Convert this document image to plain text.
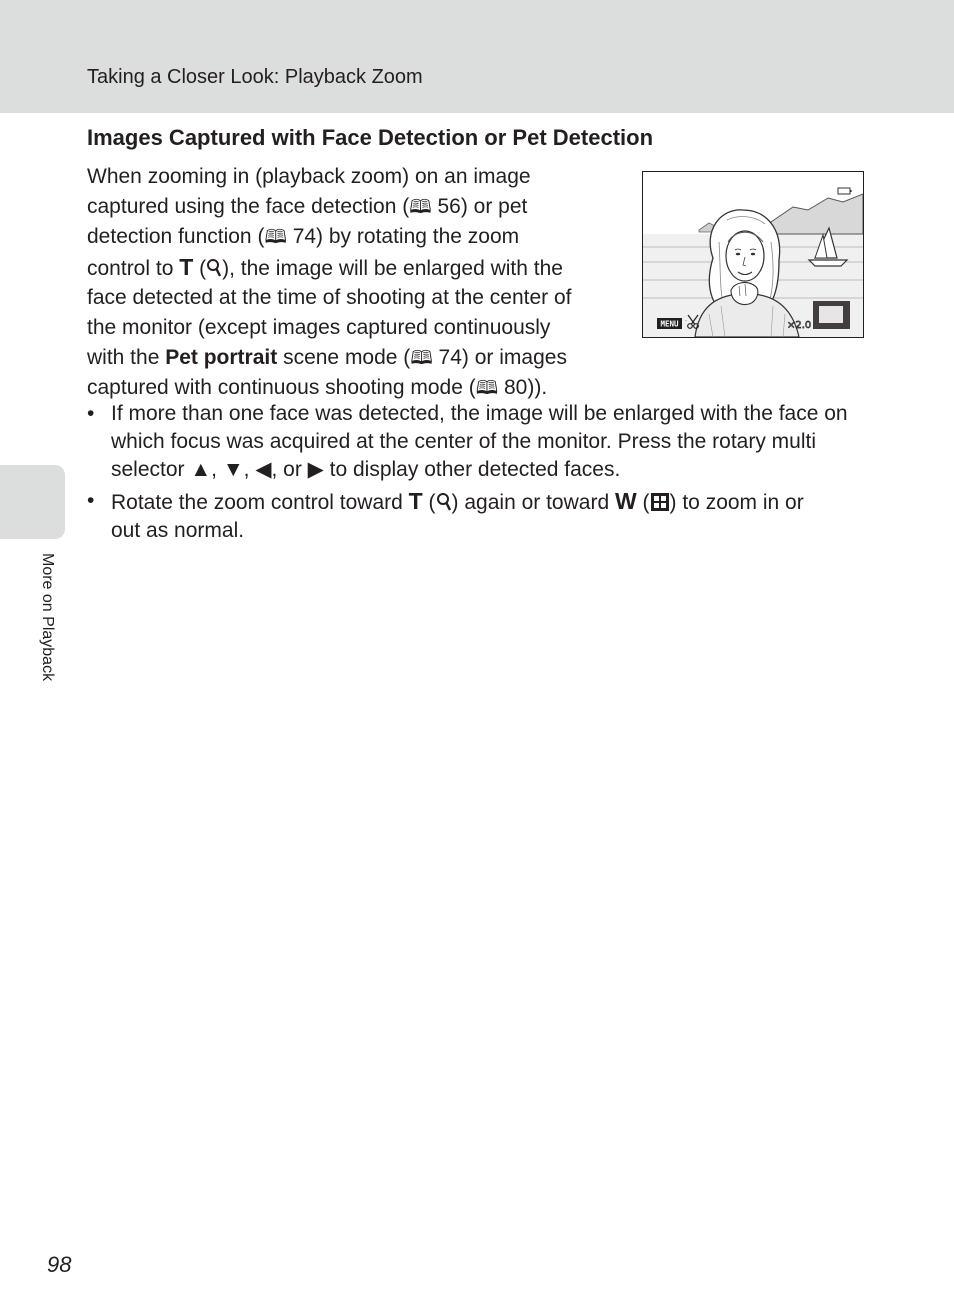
Taking a Closer Look: Playback Zoom
More on Playback
Images Captured with Face Detection or Pet Detection

When zooming in (playback zoom) on an image
captured using the face detection (🕮 56) or pet
detection function (🕮 74) by rotating the zoom
control to T ( ), the image will be enlarged with the
face detected at the time of shooting at the center of
the monitor (except images captured continuously
with the Pet portrait scene mode (🕮 74) or images
captured with continuous shooting mode (🕮 80)).

MENU ·	×2.0
• If more than one face was detected, the image will be enlarged with the face on
which focus was acquired at the center of the monitor. Press the rotary multi
selector ▲, ▼, ◀, or ▶ to display other detected faces.
• Rotate the zoom control toward T ( ) again or toward W ( ) to zoom in or
out as normal.
98
